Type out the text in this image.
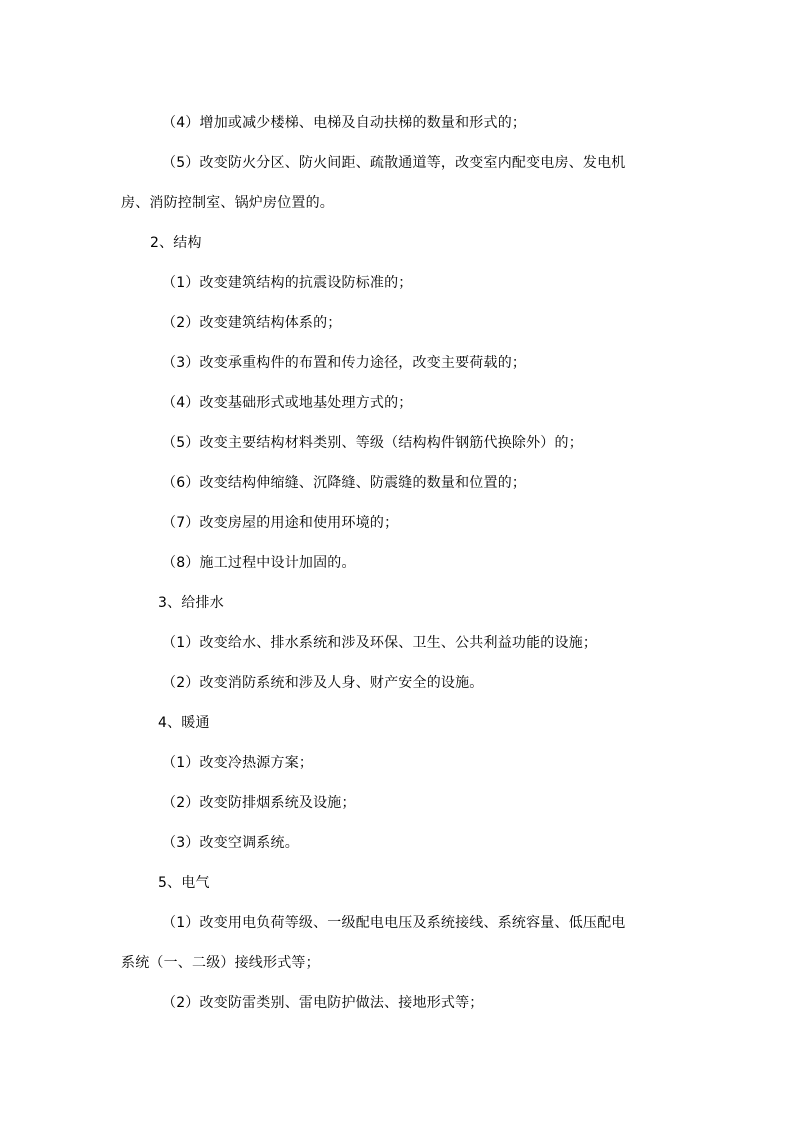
（4）增加或减少楼梯、电梯及自动扶梯的数量和形式的；
（5）改变防火分区、防火间距、疏散通道等，改变室内配变电房、发电机
房、消防控制室、锅炉房位置的。
2、结构
（1）改变建筑结构的抗震设防标准的；
（2）改变建筑结构体系的；
（3）改变承重构件的布置和传力途径，改变主要荷载的；
（4）改变基础形式或地基处理方式的；
（5）改变主要结构材料类别、等级（结构构件钢筋代换除外）的；
（6）改变结构伸缩缝、沉降缝、防震缝的数量和位置的；
（7）改变房屋的用途和使用环境的；
（8）施工过程中设计加固的。
3、给排水
（1）改变给水、排水系统和涉及环保、卫生、公共利益功能的设施；
（2）改变消防系统和涉及人身、财产安全的设施。
4、暖通
（1）改变冷热源方案；
（2）改变防排烟系统及设施；
（3）改变空调系统。
5、电气
（1）改变用电负荷等级、一级配电电压及系统接线、系统容量、低压配电
系统（一、二级）接线形式等；
（2）改变防雷类别、雷电防护做法、接地形式等；
